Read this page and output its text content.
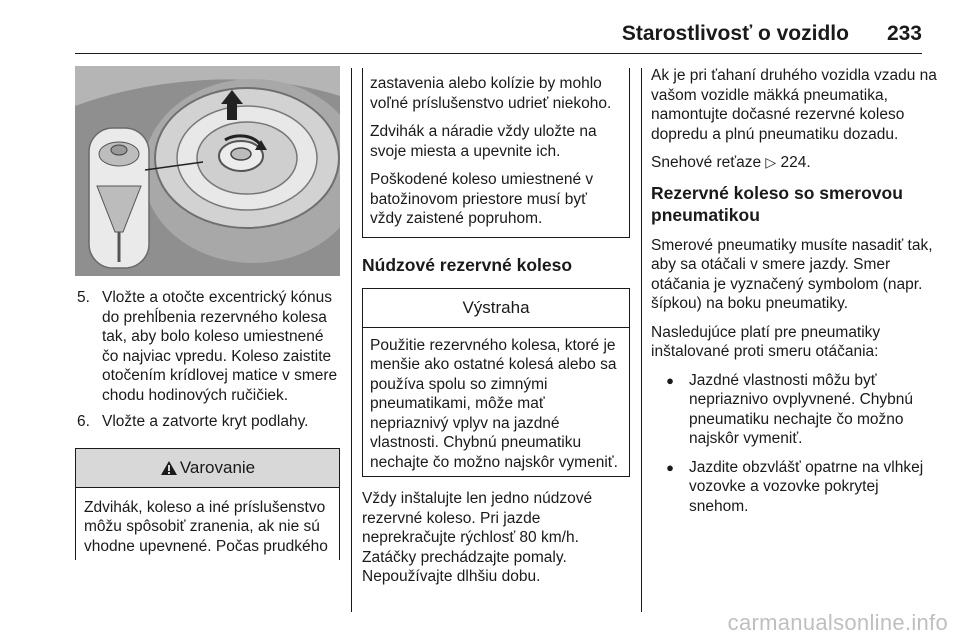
Starostlivosť o vozidlo 233
5. Vložte a otočte excentrický kónus do prehĺbenia rezervného kolesa tak, aby bolo koleso umiestnené čo najviac vpredu. Koleso zaistite otočením krídlovej matice v smere chodu hodinových ručičiek.
6. Vložte a zatvorte kryt podlahy.
Varovanie
Zdvihák, koleso a iné príslušenstvo môžu spôsobiť zranenia, ak nie sú vhodne upevnené. Počas prudkého

zastavenia alebo kolízie by mohlo voľné príslušenstvo udrieť niekoho.

Zdvihák a náradie vždy uložte na svoje miesta a upevnite ich.

Poškodené koleso umiestnené v batožinovom priestore musí byť vždy zaistené popruhom.

Núdzové rezervné koleso
Výstraha
Použitie rezervného kolesa, ktoré je menšie ako ostatné kolesá alebo sa používa spolu so zimnými pneumatikami, môže mať nepriaznivý vplyv na jazdné vlastnosti. Chybnú pneumatiku nechajte čo možno najskôr vymeniť.

Vždy inštalujte len jedno núdzové rezervné koleso. Pri jazde neprekračujte rýchlosť 80 km/h. Zatáčky prechádzajte pomaly. Nepoužívajte dlhšiu dobu.

Ak je pri ťahaní druhého vozidla vzadu na vašom vozidle mäkká pneumatika, namontujte dočasné rezervné koleso dopredu a plnú pneumatiku dozadu.

Snehové reťaze ▷ 224.

Rezervné koleso so smerovou pneumatikou

Smerové pneumatiky musíte nasadiť tak, aby sa otáčali v smere jazdy. Smer otáčania je vyznačený symbolom (napr. šípkou) na boku pneumatiky.

Nasledujúce platí pre pneumatiky inštalované proti smeru otáčania:

● Jazdné vlastnosti môžu byť nepriaznivo ovplyvnené. Chybnú pneumatiku nechajte čo možno najskôr vymeniť.
● Jazdite obzvlášť opatrne na vlhkej vozovke a vozovke pokrytej snehom.
carmanualsonline.info
